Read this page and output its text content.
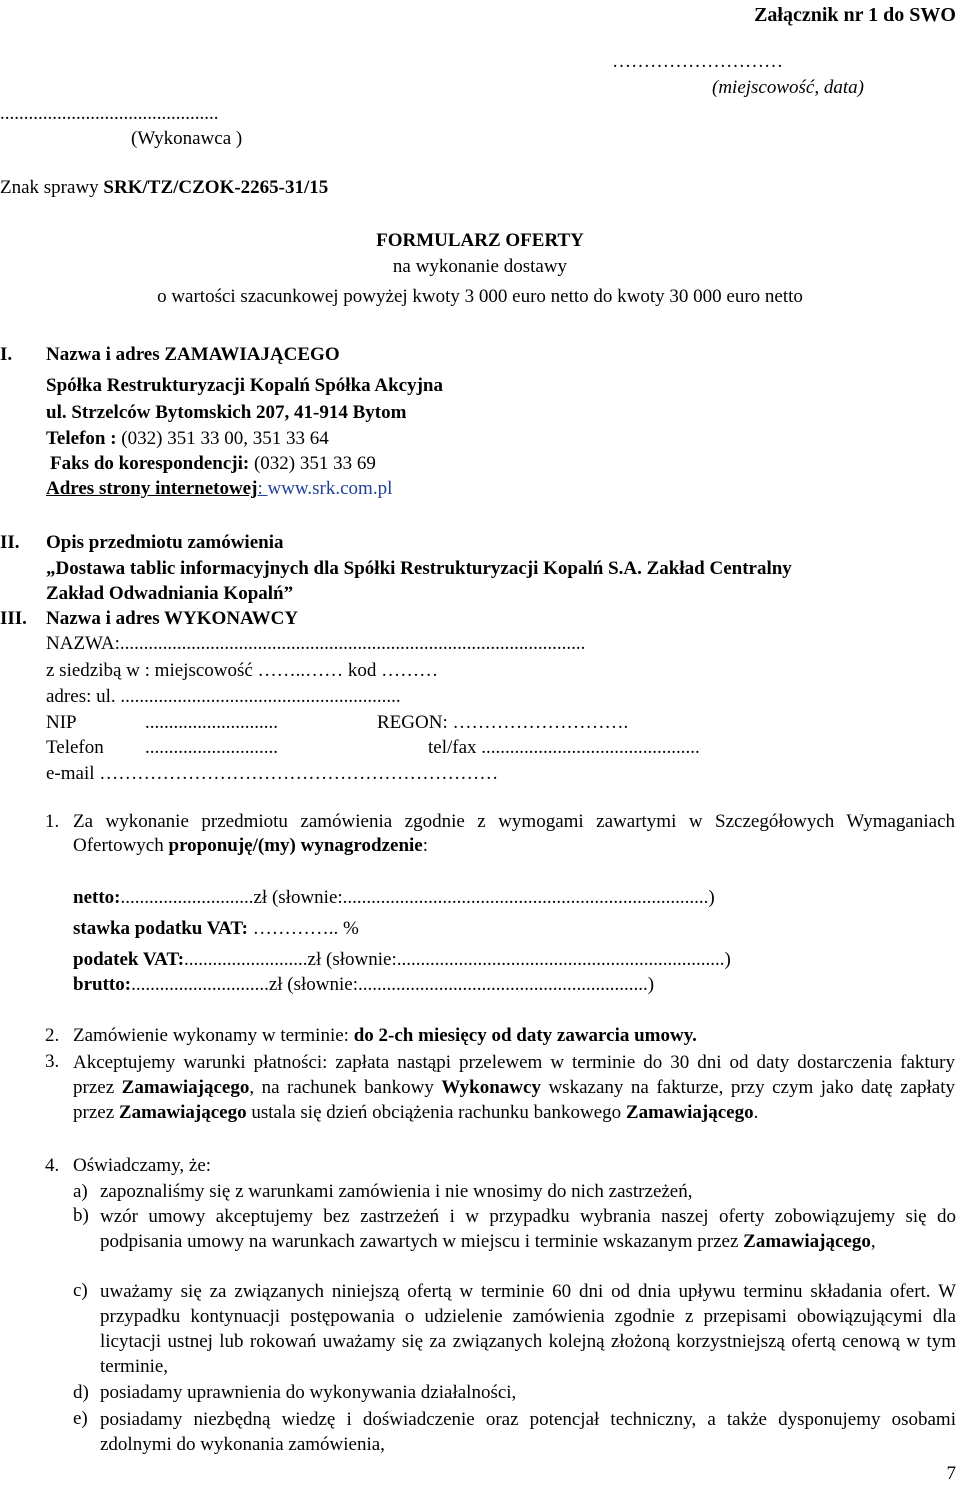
Załącznik nr 1 do SWO
………………………
(miejscowość, data)
..............................................
(Wykonawca )
Znak sprawy SRK/TZ/CZOK-2265-31/15
FORMULARZ OFERTY
na wykonanie dostawy
o wartości szacunkowej powyżej kwoty 3 000 euro netto do kwoty 30 000 euro netto
I. Nazwa i adres ZAMAWIAJĄCEGO
Spółka Restrukturyzacji Kopalń Spółka Akcyjna
ul. Strzelców Bytomskich 207, 41-914 Bytom
Telefon : (032) 351 33 00, 351 33 64
Faks do korespondencji: (032) 351 33 69
Adres strony internetowej: www.srk.com.pl
II. Opis przedmiotu zamówienia
„Dostawa tablic informacyjnych dla Spółki Restrukturyzacji Kopalń S.A. Zakład Centralny
Zakład Odwadniania Kopalń”
III. Nazwa i adres WYKONAWCY
NAZWA:..................................................................................................
z siedzibą w : miejscowość ……..…… kod ………
adres: ul. ...........................................................
NIP	............................	REGON: ……………………….
Telefon ............................	tel/fax ..............................................
e-mail ………………………………………………………
1. Za wykonanie przedmiotu zamówienia zgodnie z wymogami zawartymi w Szczegółowych Wymaganiach Ofertowych proponuję/(my) wynagrodzenie:
netto:............................zł (słownie:.............................................................................)
stawka podatku VAT: ………….. %
podatek VAT:..........................zł (słownie:.....................................................................)
brutto:.............................zł (słownie:.............................................................)
2. Zamówienie wykonamy w terminie: do 2-ch miesięcy od daty zawarcia umowy.
3. Akceptujemy warunki płatności: zapłata nastąpi przelewem w terminie do 30 dni od daty dostarczenia faktury przez Zamawiającego, na rachunek bankowy Wykonawcy wskazany na fakturze, przy czym jako datę zapłaty przez Zamawiającego ustala się dzień obciążenia rachunku bankowego Zamawiającego.
4. Oświadczamy, że:
a) zapoznaliśmy się z warunkami zamówienia i nie wnosimy do nich zastrzeżeń,
b) wzór umowy akceptujemy bez zastrzeżeń i w przypadku wybrania naszej oferty zobowiązujemy się do podpisania umowy na warunkach zawartych w miejscu i terminie wskazanym przez Zamawiającego,
c) uważamy się za związanych niniejszą ofertą w terminie 60 dni od dnia upływu terminu składania ofert. W przypadku kontynuacji postępowania o udzielenie zamówienia zgodnie z przepisami obowiązującymi dla licytacji ustnej lub rokowań uważamy się za związanych kolejną złożoną korzystniejszą ofertą cenową w tym terminie,
d) posiadamy uprawnienia do wykonywania działalności,
e) posiadamy niezbędną wiedzę i doświadczenie oraz potencjał techniczny, a także dysponujemy osobami zdolnymi do wykonania zamówienia,
7
